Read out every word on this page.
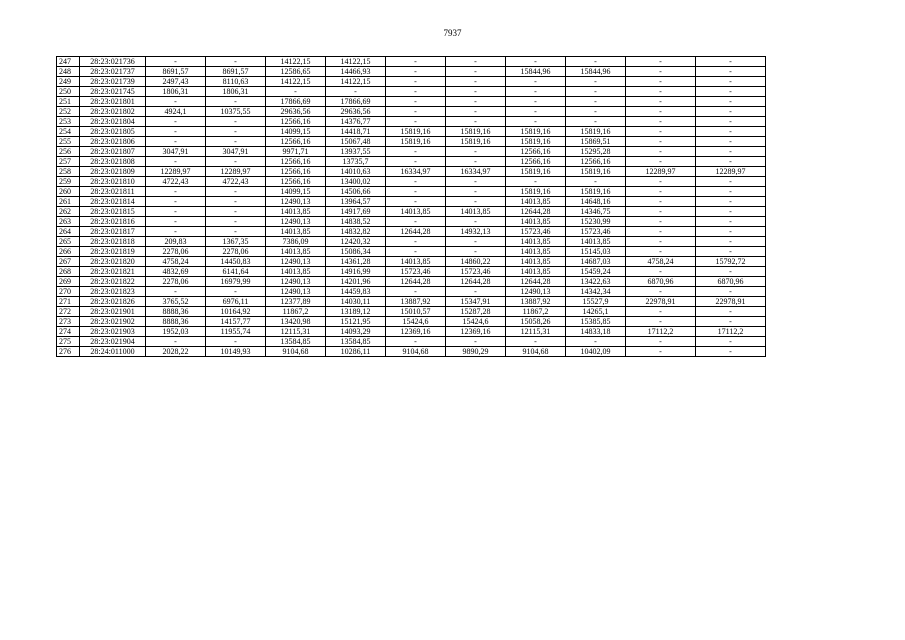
7937
247	28:23:021736	-	-	14122,15	14122,15	-	-	-	-	-	-
248	28:23:021737	8691,57	8691,57	12586,65	14466,93	-	-	15844,96	15844,96	-	-
249	28:23:021739	2497,43	8110,63	14122,15	14122,15	-	-	-	-	-	-
250	28:23:021745	1806,31	1806,31	-	-	-	-	-	-	-	-
251	28:23:021801	-	-	17866,69	17866,69	-	-	-	-	-	-
252	28:23:021802	4924,1	10375,55	29636,56	29636,56	-	-	-	-	-	-
253	28:23:021804	-	-	12566,16	14376,77	-	-	-	-	-	-
254	28:23:021805	-	-	14099,15	14418,71	15819,16	15819,16	15819,16	15819,16	-	-
255	28:23:021806	-	-	12566,16	15067,48	15819,16	15819,16	15819,16	15869,51	-	-
256	28:23:021807	3047,91	3047,91	9971,71	13937,55	-	-	12566,16	15295,28	-	-
257	28:23:021808	-	-	12566,16	13735,7	-	-	12566,16	12566,16	-	-
258	28:23:021809	12289,97	12289,97	12566,16	14010,63	16334,97	16334,97	15819,16	15819,16	12289,97	12289,97
259	28:23:021810	4722,43	4722,43	12566,16	13400,02	-	-	-	-	-	-
260	28:23:021811	-	-	14099,15	14506,66	-	-	15819,16	15819,16	-	-
261	28:23:021814	-	-	12490,13	13964,57	-	-	14013,85	14648,16	-	-
262	28:23:021815	-	-	14013,85	14917,69	14013,85	14013,85	12644,28	14346,75	-	-
263	28:23:021816	-	-	12490,13	14838,52	-	-	14013,85	15230,99	-	-
264	28:23:021817	-	-	14013,85	14832,82	12644,28	14932,13	15723,46	15723,46	-	-
265	28:23:021818	209,83	1367,35	7386,09	12420,32	-	-	14013,85	14013,85	-	-
266	28:23:021819	2278,06	2278,06	14013,85	15086,34	-	-	14013,85	15145,03	-	-
267	28:23:021820	4758,24	14450,83	12490,13	14361,28	14013,85	14860,22	14013,85	14687,03	4758,24	15792,72
268	28:23:021821	4832,69	6141,64	14013,85	14916,99	15723,46	15723,46	14013,85	15459,24	-	-
269	28:23:021822	2278,06	16979,99	12490,13	14201,96	12644,28	12644,28	12644,28	13422,63	6870,96	6870,96
270	28:23:021823	-	-	12490,13	14459,83	-	-	12490,13	14342,34	-	-
271	28:23:021826	3765,52	6976,11	12377,89	14030,11	13887,92	15347,91	13887,92	15527,9	22978,91	22978,91
272	28:23:021901	8888,36	10164,92	11867,2	13189,12	15010,57	15287,28	11867,2	14265,1	-	-
273	28:23:021902	8888,36	14157,77	13420,98	15121,95	15424,6	15424,6	15058,26	15385,85	-	-
274	28:23:021903	1952,03	11955,74	12115,31	14093,29	12369,16	12369,16	12115,31	14833,18	17112,2	17112,2
275	28:23:021904	-	-	13584,85	13584,85	-	-	-	-	-	-
276	28:24:011000	2028,22	10149,93	9104,68	10286,11	9104,68	9890,29	9104,68	10402,09	-	-
